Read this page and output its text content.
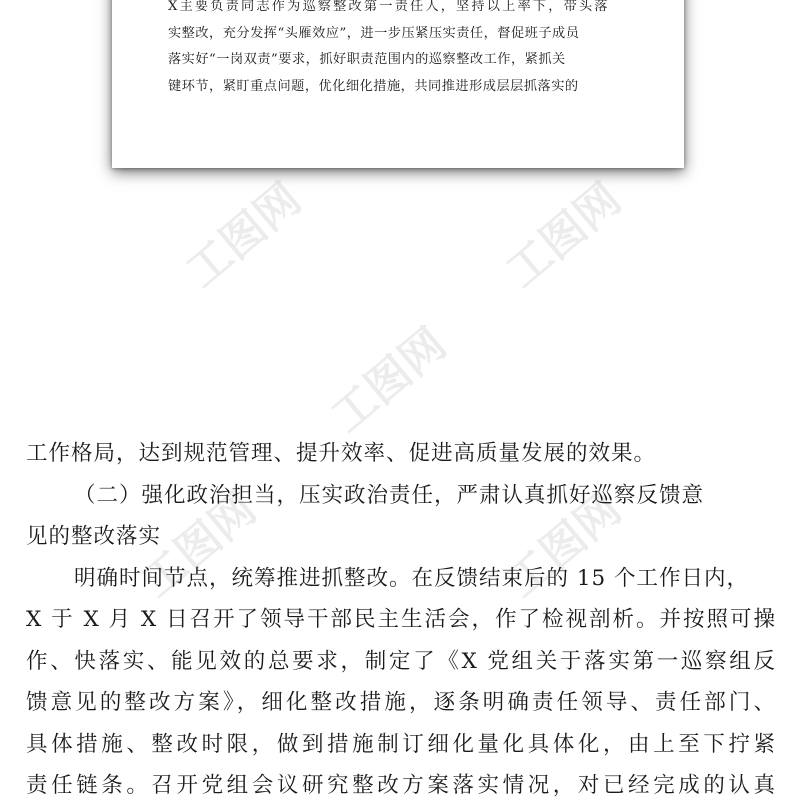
X主要负责同志作为巡察整改第一责任人，坚持以上率下，带头落
实整改，充分发挥“头雁效应”，进一步压紧压实责任，督促班子成员
落实好“一岗双责”要求，抓好职责范围内的巡察整改工作，紧抓关
键环节，紧盯重点问题，优化细化措施，共同推进形成层层抓落实的
工图网	工图网
工图网
工图网	工图网
工作格局，达到规范管理、提升效率、促进高质量发展的效果。
（二）强化政治担当，压实政治责任，严肃认真抓好巡察反馈意
见的整改落实
明确时间节点，统筹推进抓整改。在反馈结束后的 15 个工作日内，
X 于 X 月 X 日召开了领导干部民主生活会，作了检视剖析。并按照可操
作、快落实、能见效的总要求，制定了《X 党组关于落实第一巡察组反
馈意见的整改方案》，细化整改措施，逐条明确责任领导、责任部门、
具体措施、整改时限，做到措施制订细化量化具体化，由上至下拧紧
责任链条。召开党组会议研究整改方案落实情况，对已经完成的认真
